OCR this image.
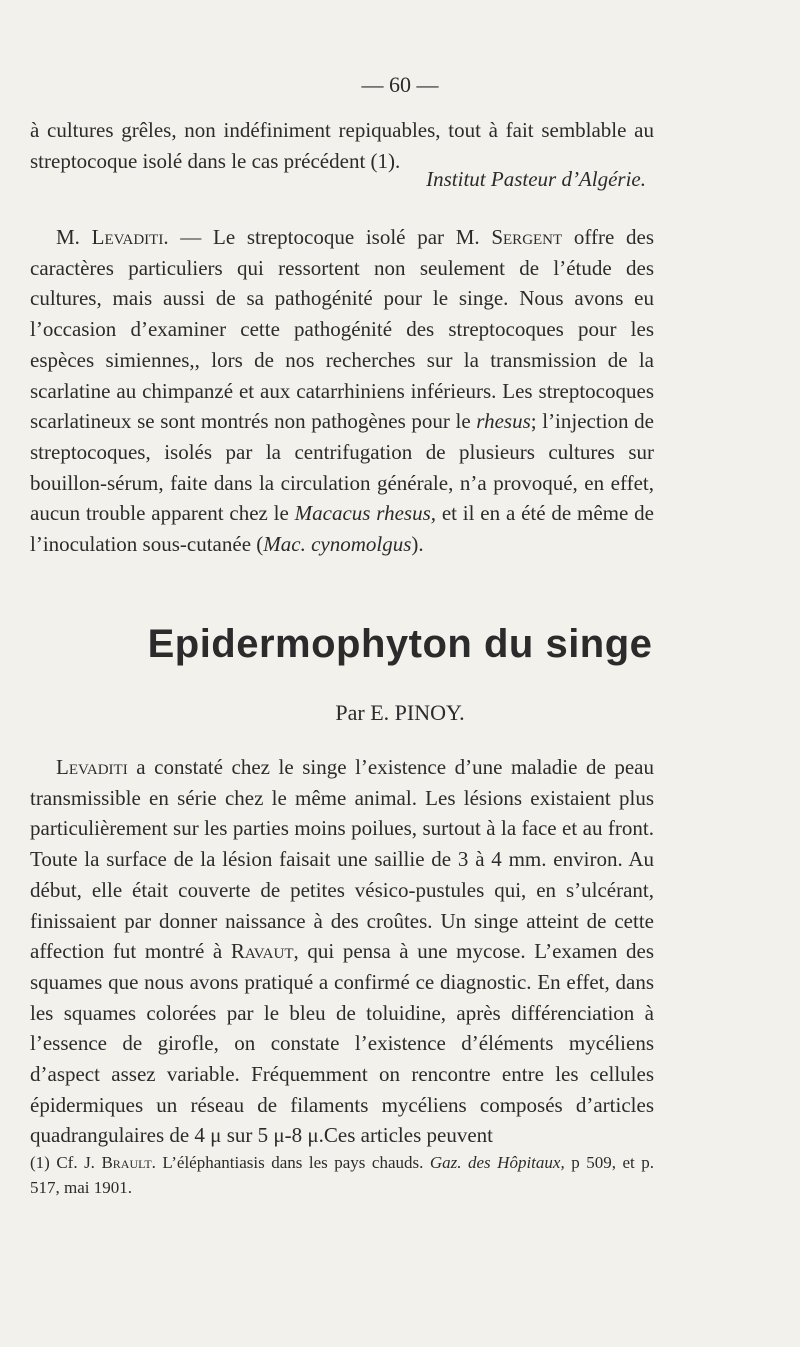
— 60 —

à cultures grêles, non indéfiniment repiquables, tout à fait semblable au streptocoque isolé dans le cas précédent (1).

Institut Pasteur d’Algérie.

M. Levaditi. — Le streptocoque isolé par M. Sergent offre des caractères particuliers qui ressortent non seulement de l’étude des cultures, mais aussi de sa pathogénité pour le singe. Nous avons eu l’occasion d’examiner cette pathogénité des streptocoques pour les espèces simiennes,, lors de nos recherches sur la transmission de la scarlatine au chimpanzé et aux catarrhiniens inférieurs. Les streptocoques scarlatineux se sont montrés non pathogènes pour le rhesus; l’injection de streptocoques, isolés par la centrifugation de plusieurs cultures sur bouillon-sérum, faite dans la circulation générale, n’a provoqué, en effet, aucun trouble apparent chez le Macacus rhesus, et il en a été de même de l’inoculation sous-cutanée (Mac. cynomolgus).

Epidermophyton du singe
Par E. PINOY.

Levaditi a constaté chez le singe l’existence d’une maladie de peau transmissible en série chez le même animal. Les lésions existaient plus particulièrement sur les parties moins poilues, surtout à la face et au front. Toute la surface de la lésion faisait une saillie de 3 à 4 mm. environ. Au début, elle était couverte de petites vésico-pustules qui, en s’ulcérant, finissaient par donner naissance à des croûtes. Un singe atteint de cette affection fut montré à Ravaut, qui pensa à une mycose. L’examen des squames que nous avons pratiqué a confirmé ce diagnostic. En effet, dans les squames colorées par le bleu de toluidine, après différenciation à l’essence de girofle, on constate l’existence d’éléments mycéliens d’aspect assez variable. Fréquemment on rencontre entre les cellules épidermiques un réseau de filaments mycéliens composés d’articles quadrangulaires de 4 μ sur 5 μ-8 μ.Ces articles peuvent

(1) Cf. J. Brault. L’éléphantiasis dans les pays chauds. Gaz. des Hôpitaux, p 509, et p. 517, mai 1901.
